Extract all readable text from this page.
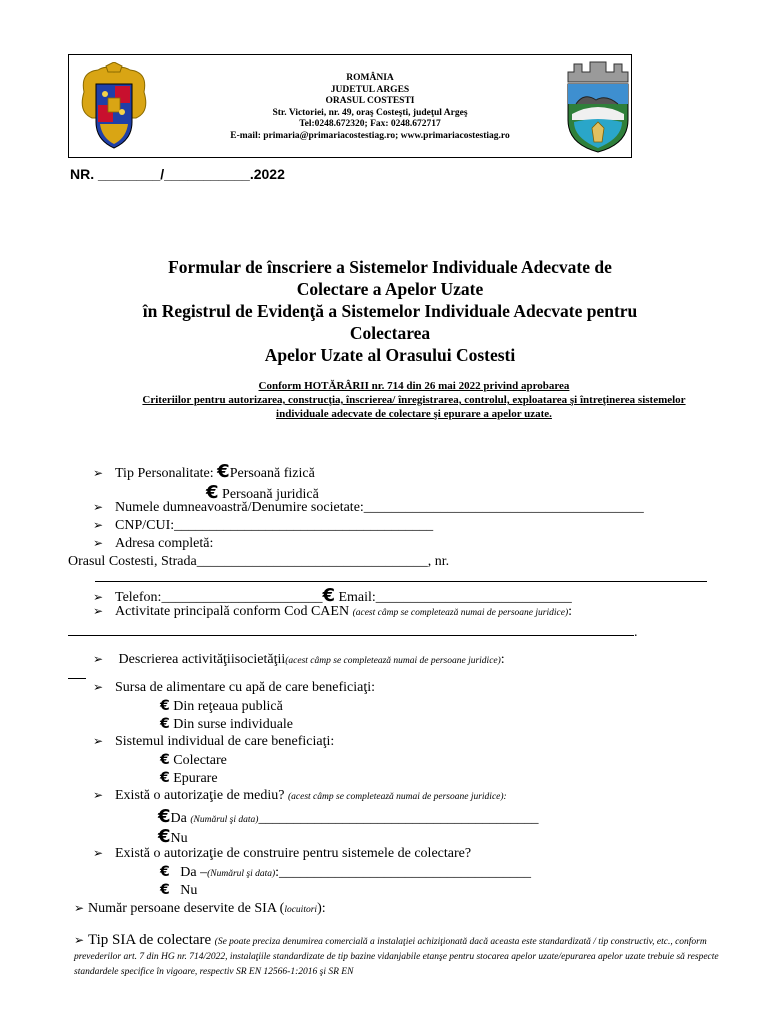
ROMÂNIA
JUDETUL ARGES
ORASUL COSTESTI
Str. Victoriei, nr. 49, oraş Costeşti, judeţul Argeş
Tel:0248.672320; Fax: 0248.672717
E-mail: primaria@primariacostestiag.ro; www.primariacostestiag.ro
NR. ________/___________.2022
Formular de înscriere a Sistemelor Individuale Adecvate de
Colectare a Apelor Uzate
în Registrul de Evidenţă a Sistemelor Individuale Adecvate pentru
Colectarea
Apelor Uzate al Orasului Costesti
Conform HOTĂRÂRII nr. 714 din 26 mai 2022 privind aprobarea
Criteriilor pentru autorizarea, construcţia, înscrierea/ înregistrarea, controlul, exploatarea şi întreţinerea sistemelor
individuale adecvate de colectare şi epurare a apelor uzate.
➢ Tip Personalitate: €Persoană fizică
€ Persoană juridică
➢ Numele dumneavoastră/Denumire societate:________________________________________
➢ CNP/CUI:_____________________________________
➢ Adresa completă:
Orasul Costesti, Strada_________________________________, nr.
➢ Telefon:_______________________€ Email:____________________________
➢ Activitate principală conform Cod CAEN (acest câmp se completează numai de persoane juridice):
.
➢ Descrierea activităţiisocietăţii(acest câmp se completează numai de persoane juridice):
➢ Sursa de alimentare cu apă de care beneficiaţi:
€ Din reţeaua publică
€ Din surse individuale
➢ Sistemul individual de care beneficiaţi:
€ Colectare
€ Epurare
➢ Există o autorizaţie de mediu? (acest câmp se completează numai de persoane juridice):
€Da (Numărul şi data)________________________________________
€Nu
➢ Există o autorizaţie de construire pentru sistemele de colectare?
€ Da –(Numărul şi data):____________________________________
€ Nu
➢ Număr persoane deservite de SIA (locuitori):
➢ Tip SIA de colectare (Se poate preciza denumirea comercială a instalaţiei achiziţionată dacă aceasta este standardizată / tip constructiv, etc., conform prevederilor art. 7 din HG nr. 714/2022, instalaţiile standardizate de tip bazine vidanjabile etanşe pentru stocarea apelor uzate/epurarea apelor uzate trebuie să respecte standardele specifice în vigoare, respectiv SR EN 12566-1:2016 şi SR EN
